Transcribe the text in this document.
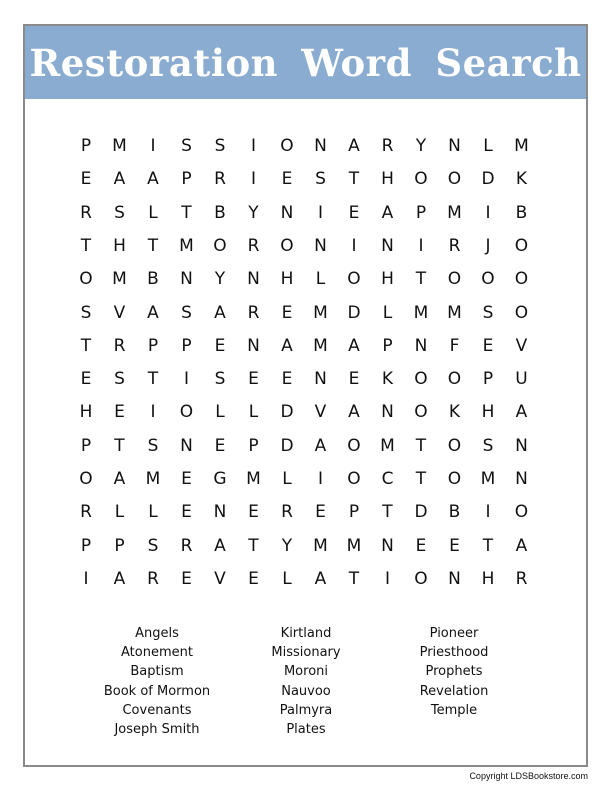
Restoration Word Search
P	M	I	S	S	I	O	N	A	R	Y	N	L	M
E	A	A	P	R	I	E	S	T	H	O	O	D	K
R	S	L	T	B	Y	N	I	E	A	P	M	I	B
T	H	T	M	O	R	O	N	I	N	I	R	J	O
O	M	B	N	Y	N	H	L	O	H	T	O	O	O
S	V	A	S	A	R	E	M	D	L	M	M	S	O
T	R	P	P	E	N	A	M	A	P	N	F	E	V
E	S	T	I	S	E	E	N	E	K	O	O	P	U
H	E	I	O	L	L	D	V	A	N	O	K	H	A
P	T	S	N	E	P	D	A	O	M	T	O	S	N
O	A	M	E	G	M	L	I	O	C	T	O	M	N
R	L	L	E	N	E	R	E	P	T	D	B	I	O
P	P	S	R	A	T	Y	M	M	N	E	E	T	A
I	A	R	E	V	E	L	A	T	I	O	N	H	R
Angels
Atonement
Baptism
Book of Mormon
Covenants
Joseph Smith
Kirtland
Missionary
Moroni
Nauvoo
Palmyra
Plates
Pioneer
Priesthood
Prophets
Revelation
Temple
Copyright LDSBookstore.com
